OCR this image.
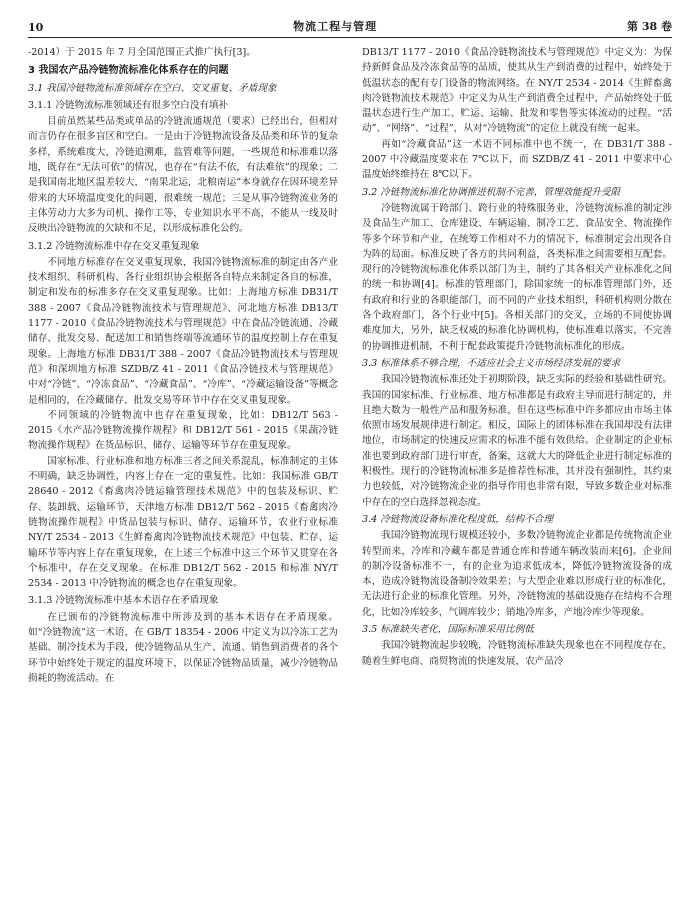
10	物流工程与管理	第 38 卷

-2014）于 2015 年 7 月全国范围正式推广执行[3]。

3 我国农产品冷链物流标准化体系存在的问题
3.1 我国冷链物流标准领域存在空白、交叉重复、矛盾现象
3.1.1 冷链物流标准领域还有很多空白没有填补

目前虽然某些品类或单品的冷链流通规范（要求）已经出台，但相对而言仍存在很多盲区和空白。一是由于冷链物流设备及品类和环节的复杂多样，系统难度大，冷链追溯难，监管难等问题，一些规范和标准难以落地，既存在“无法可依”的情况，也存在“有法不依，有法难依”的现象；二是我国南北地区温差较大，“南果北运，北粮南运”本身就存在因环境差异带来的大环境温度变化的问题，很难统一规范；三是从事冷链物流业务的主体劳动力大多为司机、操作工等，专业知识水平不高，不能从一线及时反映出冷链物流的欠缺和不足，以形成标准化公约。

3.1.2 冷链物流标准中存在交叉重复现象

不同地方标准存在交叉重复现象，我国冷链物流标准的制定由各产业技术组织、科研机构、各行业组织协会根据各自特点来制定各自的标准，制定和发布的标准多存在交叉重复现象。比如：上海地方标准 DB31/T 388 - 2007《食品冷链物流技术与管理规范》、河北地方标准 DB13/T 1177 - 2010《食品冷链物流技术与管理规范》中在食品冷链流通、冷藏储存、批发交易、配送加工和销售终端等流通环节的温度控制上存在重复现象。上海地方标准 DB31/T 388 - 2007《食品冷链物流技术与管理规范》和深圳地方标准 SZDB/Z 41 - 2011《食品冷链技术与管理规范》中对“冷链”、“冷冻食品”、“冷藏食品”、“冷库”、“冷藏运输设备”等概念是相同的，在冷藏储存、批发交易等环节中存在交叉重复现象。

不同领域的冷链物流中也存在重复现象，比如：DB12/T 563 - 2015《水产品冷链物流操作规程》和 DB12/T 561 - 2015《果蔬冷链物流操作规程》在货品标识、储存、运输等环节存在重复现象。

国家标准、行业标准和地方标准三者之间关系混乱，标准制定的主体不明确，缺乏协调性，内容上存在一定的重复性。比如：我国标准 GB/T 28640 - 2012《畜禽肉冷链运输管理技术规范》中的包装及标识、贮存、装卸载、运输环节，天津地方标准 DB12/T 562 - 2015《畜禽肉冷链物流操作规程》中货品包装与标识、储存、运输环节，农业行业标准 NY/T 2534 - 2013《生鲜畜禽肉冷链物流技术规范》中包装、贮存、运输环节等内容上存在重复现象，在上述三个标准中这三个环节又贯穿在各个标准中，存在交叉现象。在标准 DB12/T 562 - 2015 和标准 NY/T 2534 - 2013 中冷链物流的概念也存在重复现象。

3.1.3 冷链物流标准中基本术语存在矛盾现象

在已颁布的冷链物流标准中所涉及到的基本术语存在矛盾现象。如“冷链物流”这一术语，在 GB/T 18354 - 2006 中定义为以冷冻工艺为基础、制冷技术为手段，使冷链物品从生产、流通、销售到消费者的各个环节中始终处于规定的温度环境下，以保证冷链物品质量，减少冷链物品损耗的物流活动。在

DB13/T 1177 - 2010《食品冷链物流技术与管理规范》中定义为：为保持新鲜食品及冷冻食品等的品质，使其从生产到消费的过程中，始终处于低温状态的配有专门设备的物流网络。在 NY/T 2534 - 2014《生鲜畜禽肉冷链物流技术规范》中定义为从生产到消费全过程中，产品始终处于低温状态进行生产加工、贮运、运输、批发和零售等实体流动的过程。“活动”、“网络”、“过程”，从对“冷链物流”的定位上就没有统一起来。

再如“冷藏食品”这一术语不同标准中也不统一，在 DB31/T 388 - 2007 中冷藏温度要求在 7℃以下，而 SZDB/Z 41 - 2011 中要求中心温度始终维持在 8℃以下。

3.2 冷链物流标准化协调推进机制不完善，管理效能提升受限

冷链物流属于跨部门、跨行业的特殊服务业，冷链物流标准的制定涉及食品生产加工、仓库建设、车辆运输、制冷工艺、食品安全、物流操作等多个环节和产业，在统筹工作相对不力的情况下，标准制定会出现各自为阵的局面。标准反映了各方的共同利益，各类标准之间需要相互配套。现行的冷链物流标准化体系以部门为主，制约了其各相关产业标准化之间的统一和协调[4]。标准的管理部门，除国家统一的标准管理部门外，还有政府和行业的各职能部门，而不同的产业技术组织，科研机构则分散在各个政府部门，各个行业中[5]。各相关部门的交叉，立场的不同使协调难度加大，另外，缺乏权威的标准化协调机构，使标准难以落实，不完善的协调推进机制，不利于配套政策提升冷链物流标准化的形成。

3.3 标准体系不够合理，不适应社会主义市场经济发展的要求

我国冷链物流标准还处于初期阶段，缺乏实际的经验和基础性研究。我国的国家标准、行业标准、地方标准都是有政府主导而进行制定的，并且绝大数为一般性产品和服务标准，但在这些标准中许多都应由市场主体依照市场发展规律进行制定。相反，国际上的团体标准在我国却没有法律地位，市场制定的快速反应需求的标准不能有效供给。企业制定的企业标准也要到政府部门进行审查，备案，这就大大的降低企业进行制定标准的积极性。现行的冷链物流标准多是推荐性标准，其并没有强制性，其约束力也较低，对冷链物流企业的指导作用也非常有限，导致多数企业对标准中存在的空白选择忽视态度。

3.4 冷链物流设备标准化程度低，结构不合理

我国冷链物流现行规模还较小，多数冷链物流企业都是传统物流企业转型而来，冷库和冷藏车都是普通仓库和普通车辆改装而来[6]。企业间的制冷设备标准不一，有的企业为追求低成本，降低冷链物流设备的成本，造成冷链物流设备制冷效果差；与大型企业难以形成行业的标准化，无法进行企业的标准化管理。另外，冷链物流的基础设施存在结构不合理化，比如冷库较多，气调库较少；销地冷库多，产地冷库少等现象。

3.5 标准缺失老化，国际标准采用比例低

我国冷链物流起步较晚，冷链物流标准缺失现象也在不同程度存在，随着生鲜电商、商贸物流的快速发展，农产品冷
